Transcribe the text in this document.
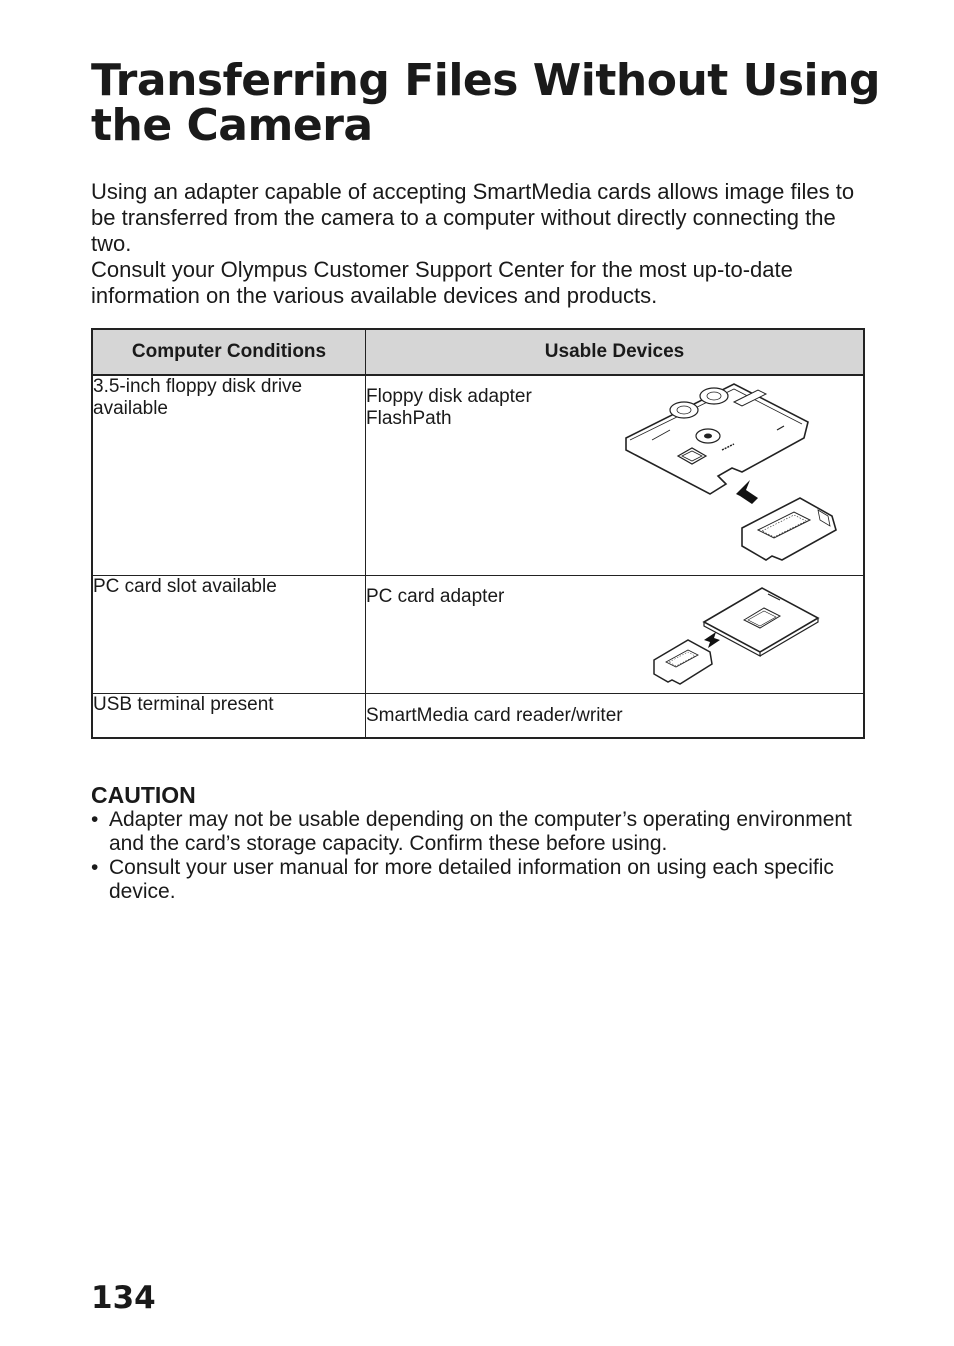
Transferring Files Without Using
the Camera

Using an adapter capable of accepting SmartMedia cards allows image files to be transferred from the camera to a computer without directly connecting the two.

Consult your Olympus Customer Support Center for the most up-to-date information on the various available devices and products.

Computer Conditions	Usable Devices
3.5-inch floppy disk drive available	Floppy disk adapter
FlashPath

PC card slot available	PC card adapter

USB terminal present	SmartMedia card reader/writer
CAUTION
• Adapter may not be usable depending on the computer’s operating environment and the card’s storage capacity. Confirm these before using.
• Consult your user manual for more detailed information on using each specific device.
134
